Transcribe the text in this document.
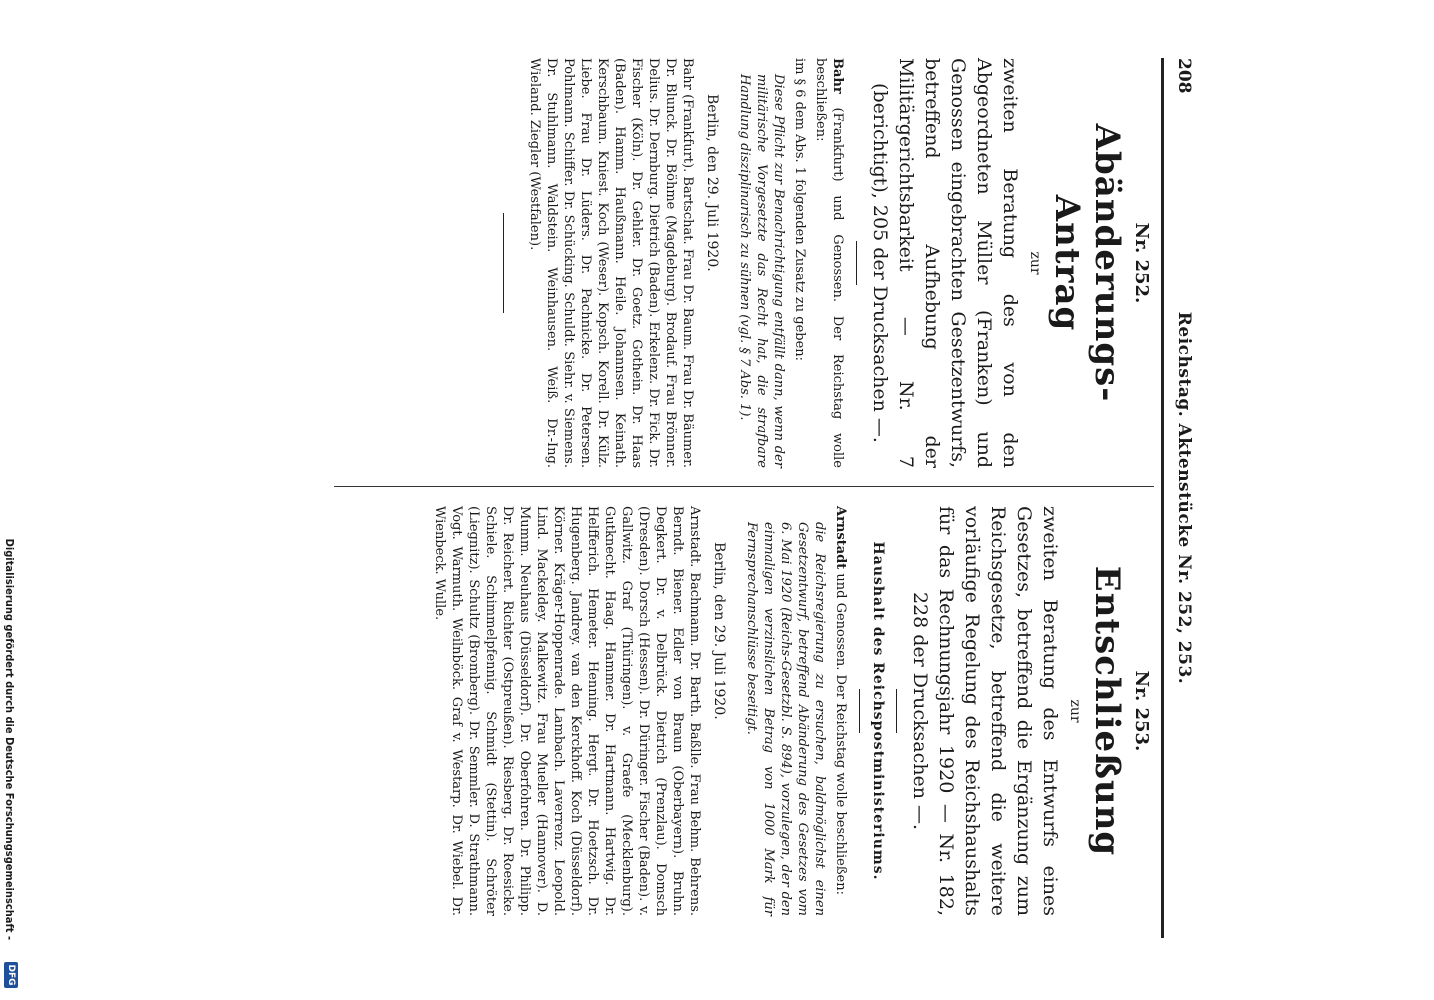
208
Reichstag. Aktenstücke Nr. 252, 253.
Nr. 252.
Abänderungs-Antrag
zur

zweiten Beratung des von den Abgeordneten Müller (Franken) und Genossen eingebrachten Gesetzentwurfs, betreffend Aufhebung der Militärgerichtsbarkeit — Nr. 7 (berichtigt), 205 der Drucksachen —.

Bahr (Frankfurt) und Genossen. Der Reichstag wolle beschließen:

im § 6 dem Abs. 1 folgenden Zusatz zu geben:

Diese Pflicht zur Benachrichtigung entfällt dann, wenn der militärische Vorgesetzte das Recht hat, die strafbare Handlung disziplinarisch zu sühnen (vgl. § 7 Abs. 1).

Berlin, den 29. Juli 1920.

Bahr (Frankfurt). Bartschat. Frau Dr. Baum. Frau Dr. Bäumer. Dr. Blunck. Dr. Böhme (Magdeburg). Brodauf. Frau Brönner. Delius. Dr. Dernburg. Dietrich (Baden). Erkelenz. Dr. Fick. Dr. Fischer (Köln). Dr. Gehler. Dr. Goetz. Gothein. Dr. Haas (Baden). Hamm. Haußmann. Heile. Johannsen. Keinath. Kerschbaum. Kniest. Koch (Weser). Kopsch. Korell. Dr. Külz. Liebe. Frau Dr. Lüders. Dr. Pachnicke. Dr. Petersen. Pohlmann. Schiffer. Dr. Schücking. Schuldt. Siehr. v. Siemens. Dr. Stuhlmann. Waldstein. Weinhausen. Weiß. Dr.-Ing. Wieland. Ziegler (Westfalen).

Nr. 253.
Entschließung
zur

zweiten Beratung des Entwurfs eines Gesetzes, betreffend die Ergänzung zum Reichsgesetze, betreffend die weitere vorläufige Regelung des Reichshaushalts für das Rechnungsjahr 1920 — Nr. 182, 228 der Drucksachen —.

Haushalt des Reichspostministeriums.

Arnstadt und Genossen. Der Reichstag wolle beschließen:

die Reichsregierung zu ersuchen, baldmöglichst einen Gesetzentwurf, betreffend Abänderung des Gesetzes vom 6. Mai 1920 (Reichs-Gesetzbl. S. 894), vorzulegen, der den einmaligen verzinslichen Betrag von 1000 Mark für Fernsprechanschlüsse beseitigt.

Berlin, den 29. Juli 1920.

Arnstadt. Bachmann. Dr. Barth. Baßlle. Frau Behm. Behrens. Berndt. Biener. Edler von Braun (Oberbayern). Bruhn. Degkert. Dr. v. Delbrück. Dietrich (Prenzlau). Domsch (Dresden). Dorsch (Hessen). Dr. Düringer. Fischer (Baden). v. Gallwitz. Graf (Thüringen). v. Graefe (Mecklenburg). Gutknecht. Haag. Hammer. Dr. Hartmann. Hartwig. Dr. Helfferich. Hemeter. Henning. Hergt. Dr. Hoetzsch. Dr. Hugenberg. Jandrey. van den Kerckhoff. Koch (Düsseldorf). Körner. Kräger-Hoppenrade. Lambach. Laverrenz. Leopold. Lind. Mackeldey. Malkewitz. Frau Mueller (Hannover). D. Mumm. Neuhaus (Düsseldorf). Dr. Oberfohren. Dr. Philipp. Dr. Reichert. Richter (Ostpreußen). Riesberg. Dr. Roesicke. Schiele. Schimmelpfennig. Schmidt (Stettin). Schröter (Liegnitz). Schultz (Bromberg). Dr. Semmler. D. Strathmann. Vogt. Warmuth. Weilnböck. Graf v. Westarp. Dr. Wiebel. Dr. Wienbeck. Wulle.

Digitalisierung gefördert durch die Deutsche Forschungsgemeinschaft -
DFG
